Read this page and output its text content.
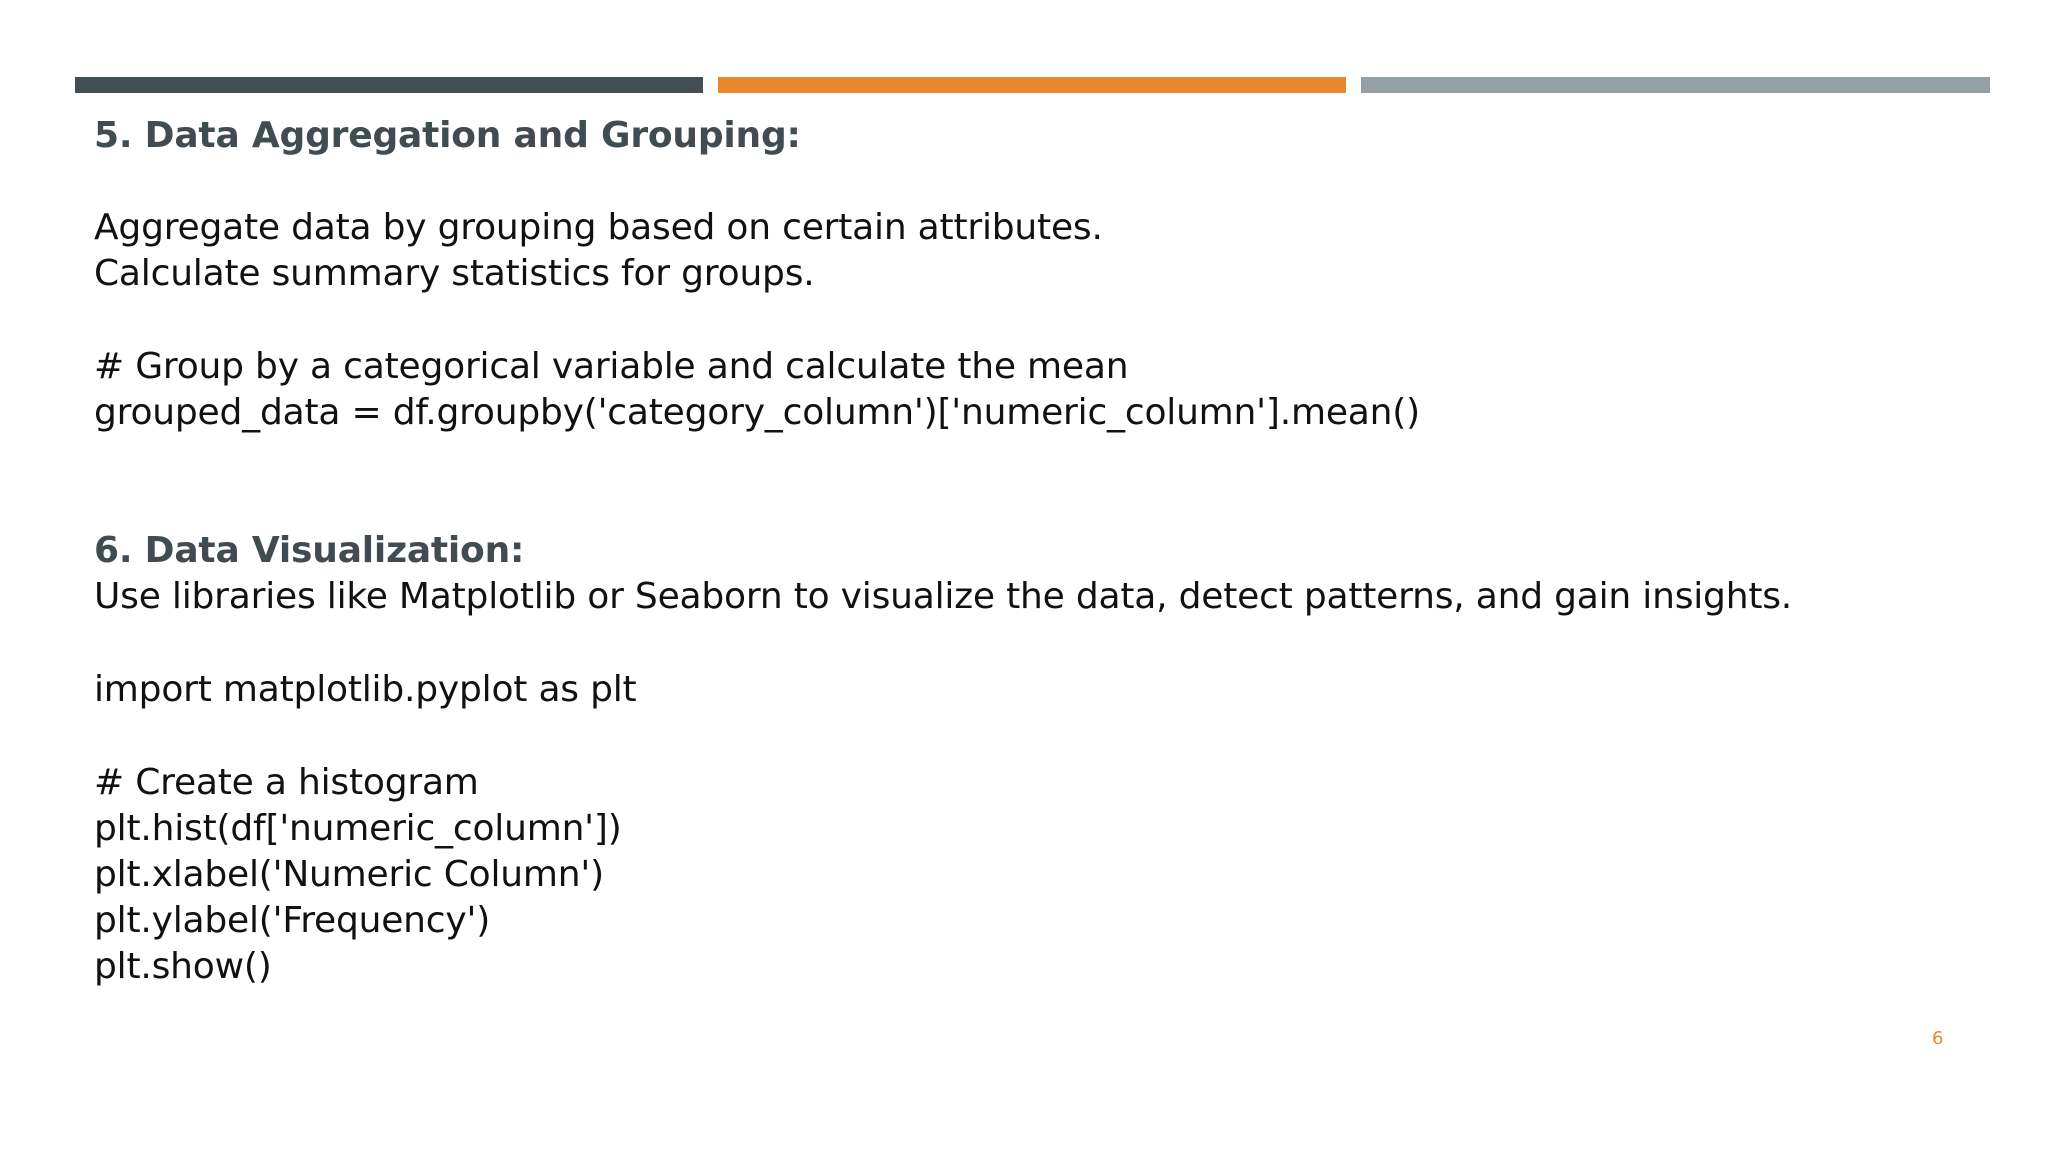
5. Data Aggregation and Grouping:
Aggregate data by grouping based on certain attributes.
Calculate summary statistics for groups.
# Group by a categorical variable and calculate the mean
grouped_data = df.groupby('category_column')['numeric_column'].mean()
6. Data Visualization:
Use libraries like Matplotlib or Seaborn to visualize the data, detect patterns, and gain insights.
import matplotlib.pyplot as plt
# Create a histogram
plt.hist(df['numeric_column'])
plt.xlabel('Numeric Column')
plt.ylabel('Frequency')
plt.show()
6
